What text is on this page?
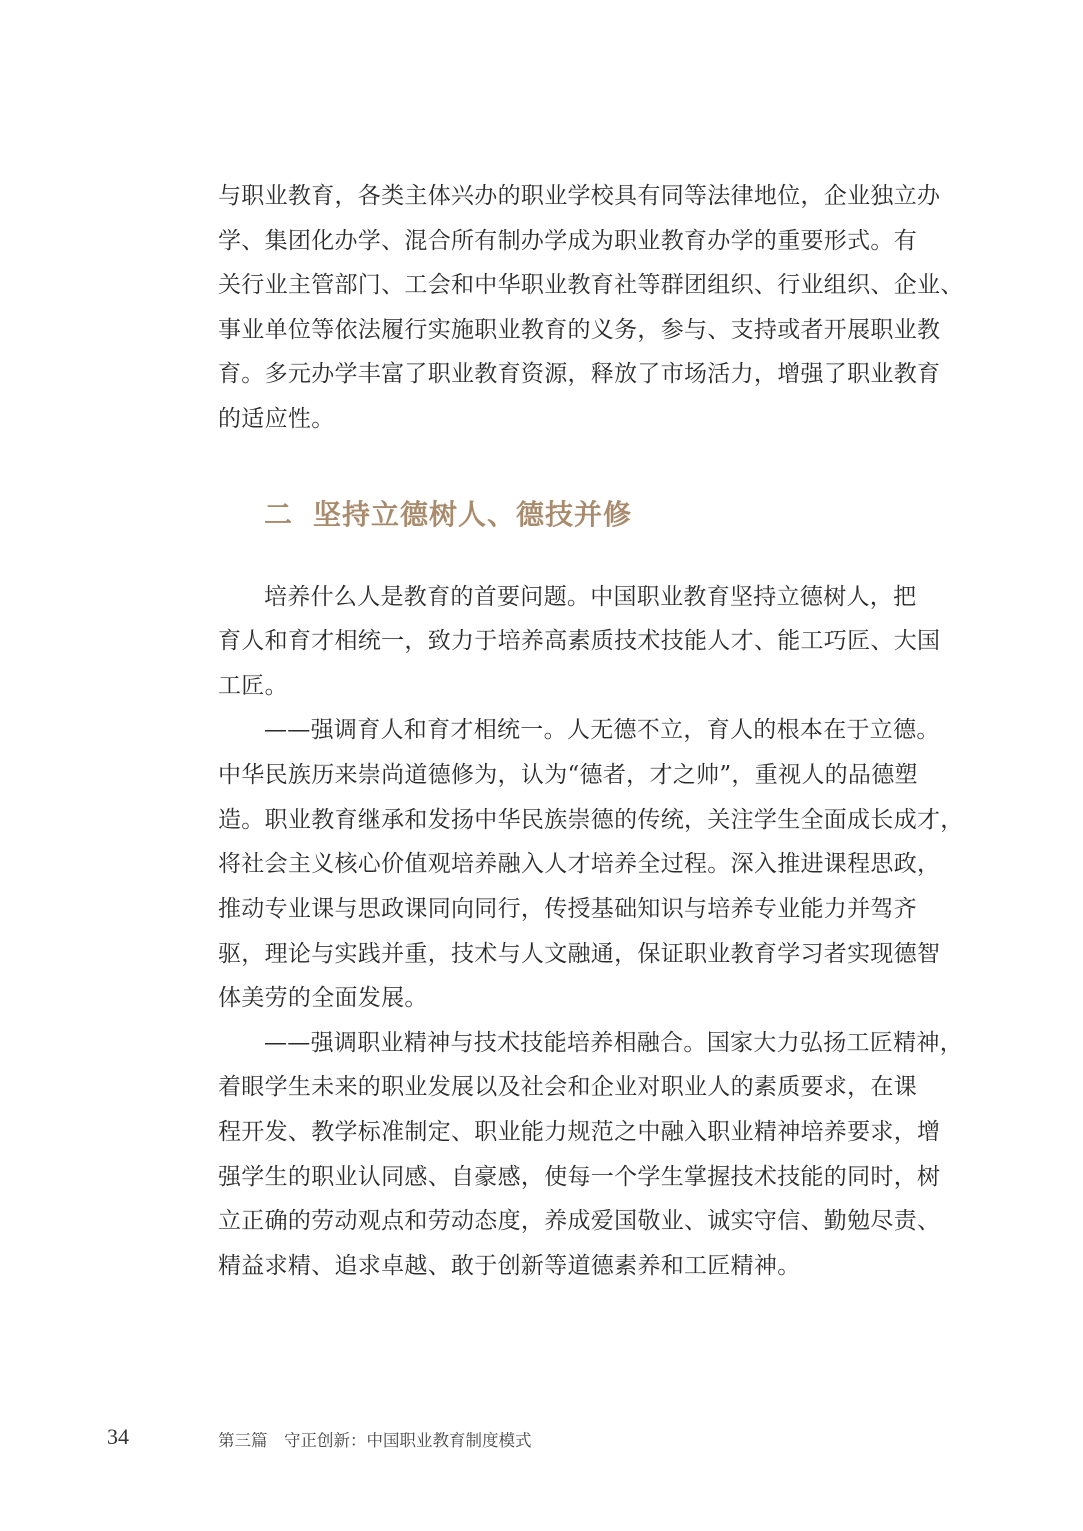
与职业教育，各类主体兴办的职业学校具有同等法律地位，企业独立办
学、集团化办学、混合所有制办学成为职业教育办学的重要形式。有
关行业主管部门、工会和中华职业教育社等群团组织、行业组织、企业、
事业单位等依法履行实施职业教育的义务，参与、支持或者开展职业教
育。多元办学丰富了职业教育资源，释放了市场活力，增强了职业教育
的适应性。
二 坚持立德树人、德技并修
培养什么人是教育的首要问题。中国职业教育坚持立德树人，把
育人和育才相统一，致力于培养高素质技术技能人才、能工巧匠、大国
工匠。
——强调育人和育才相统一。人无德不立，育人的根本在于立德。
中华民族历来崇尚道德修为，认为“德者，才之帅”，重视人的品德塑
造。职业教育继承和发扬中华民族崇德的传统，关注学生全面成长成才，
将社会主义核心价值观培养融入人才培养全过程。深入推进课程思政，
推动专业课与思政课同向同行，传授基础知识与培养专业能力并驾齐
驱，理论与实践并重，技术与人文融通，保证职业教育学习者实现德智
体美劳的全面发展。
——强调职业精神与技术技能培养相融合。国家大力弘扬工匠精神，
着眼学生未来的职业发展以及社会和企业对职业人的素质要求，在课
程开发、教学标准制定、职业能力规范之中融入职业精神培养要求，增
强学生的职业认同感、自豪感，使每一个学生掌握技术技能的同时，树
立正确的劳动观点和劳动态度，养成爱国敬业、诚实守信、勤勉尽责、
精益求精、追求卓越、敢于创新等道德素养和工匠精神。
34	第三篇　守正创新：中国职业教育制度模式
